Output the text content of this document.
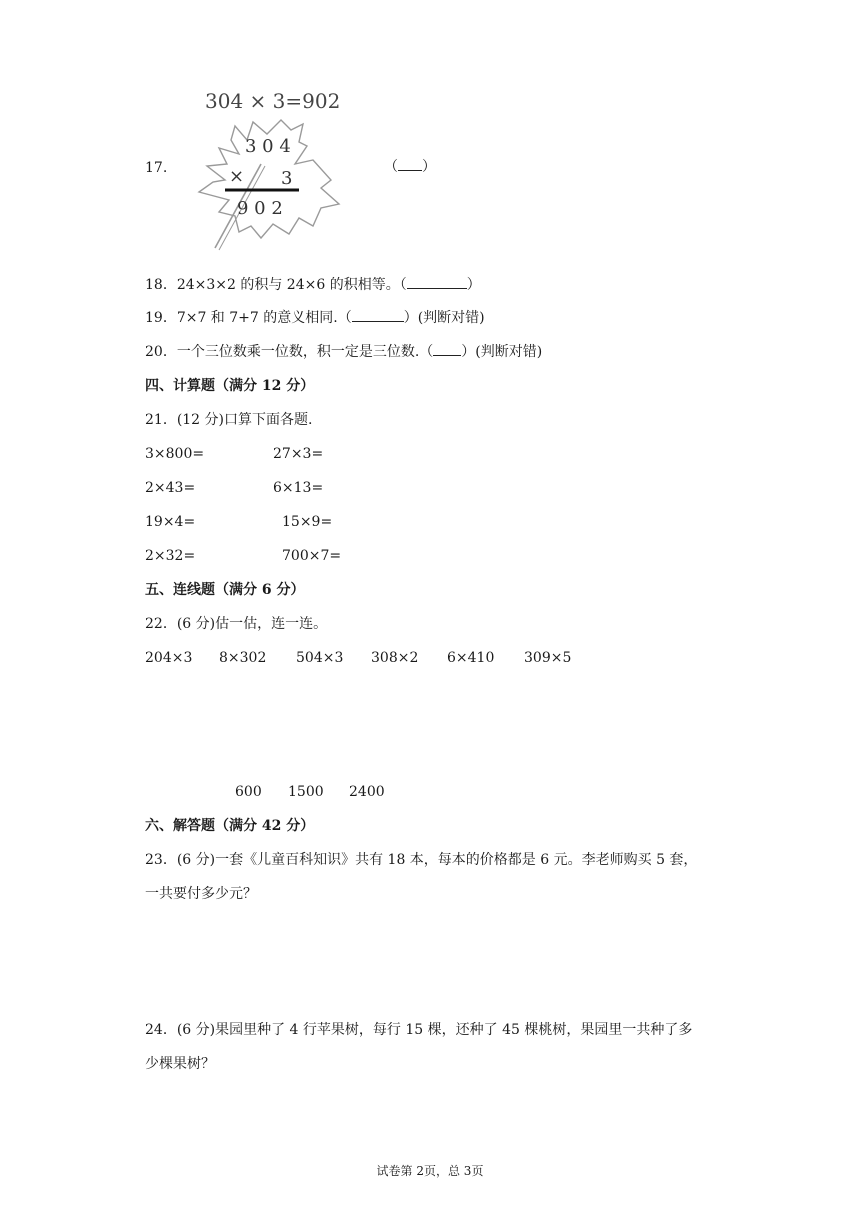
17.
304 × 3=902
3 0 4
× 3
9 0 2
（ ）
18．24×3×2 的积与 24×6 的积相等。（	）
19．7×7 和 7+7 的意义相同.（	）(判断对错)
20．一个三位数乘一位数，积一定是三位数.（ ）(判断对错)
四、计算题（满分 12 分）
21．(12 分)口算下面各题.
3×800=	27×3=
2×43=	6×13=
19×4=	15×9=
2×32=	700×7=
五、连线题（满分 6 分）
22．(6 分)估一估，连一连。
204×3 8×302 504×3 308×2 6×410 309×5
600 1500 2400
六、解答题（满分 42 分）
23．(6 分)一套《儿童百科知识》共有 18 本，每本的价格都是 6 元。李老师购买 5 套，
一共要付多少元？
24．(6 分)果园里种了 4 行苹果树，每行 15 棵，还种了 45 棵桃树，果园里一共种了多
少棵果树？
试卷第 2页，总 3页
